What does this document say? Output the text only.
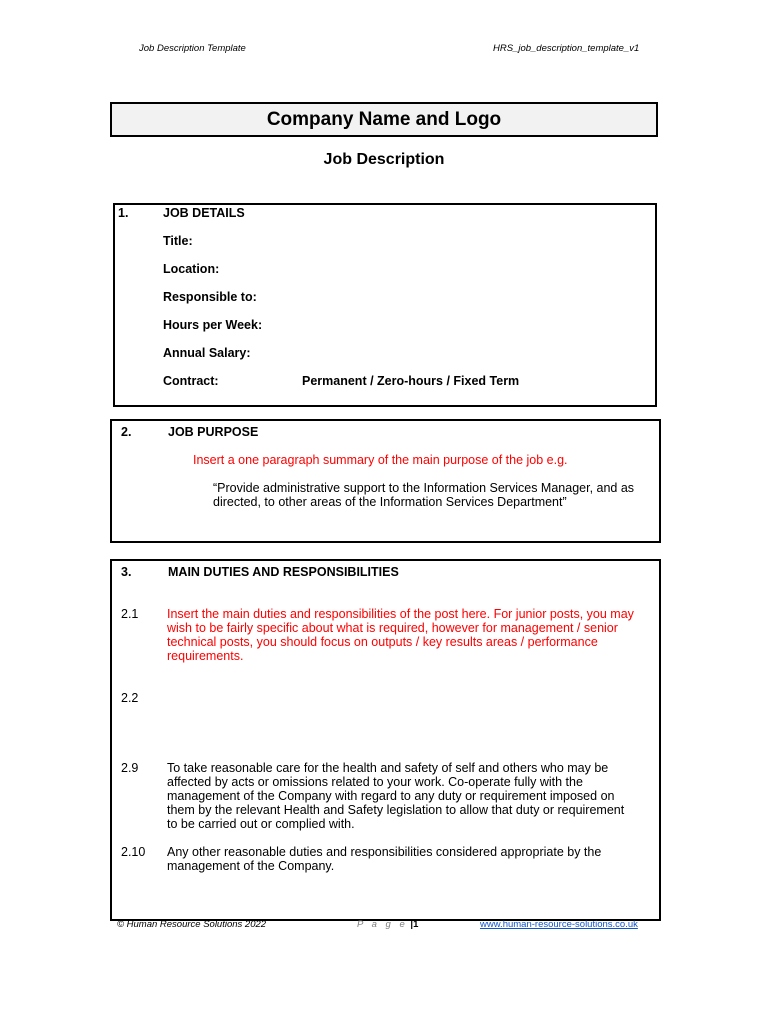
Job Description Template	HRS_job_description_template_v1
Company Name and Logo
Job Description
1.	JOB DETAILS
Title:
Location:
Responsible to:
Hours per Week:
Annual Salary:
Contract:	Permanent / Zero-hours / Fixed Term
2.	JOB PURPOSE
Insert a one paragraph summary of the main purpose of the job e.g.
“Provide administrative support to the Information Services Manager, and as
directed, to other areas of the Information Services Department”
3.	MAIN DUTIES AND RESPONSIBILITIES
2.1 Insert the main duties and responsibilities of the post here. For junior posts, you may
wish to be fairly specific about what is required, however for management / senior
technical posts, you should focus on outputs / key results areas / performance
requirements.
2.2
2.9 To take reasonable care for the health and safety of self and others who may be
affected by acts or omissions related to your work. Co-operate fully with the
management of the Company with regard to any duty or requirement imposed on
them by the relevant Health and Safety legislation to allow that duty or requirement
to be carried out or complied with.
2.10 Any other reasonable duties and responsibilities considered appropriate by the
management of the Company.
© Human Resource Solutions 2022	P a g e |1	www.human-resource-solutions.co.uk
